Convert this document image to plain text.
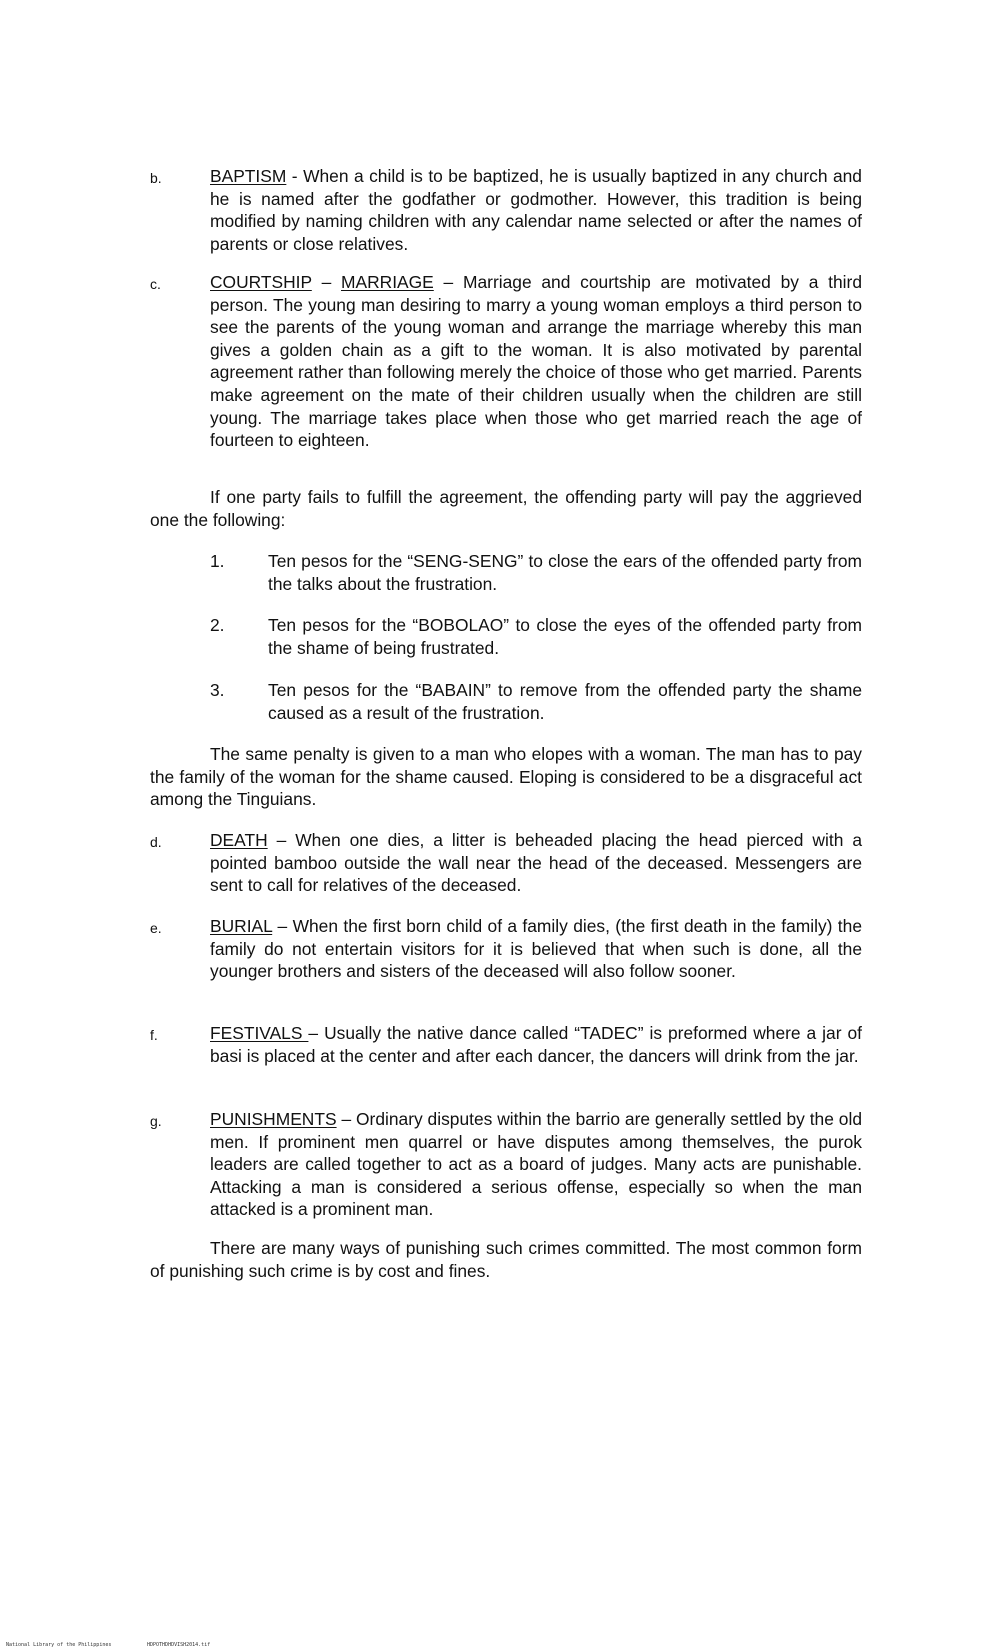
b.	BAPTISM - When a child is to be baptized, he is usually baptized in any church and he is named after the godfather or godmother. However, this tradition is being modified by naming children with any calendar name selected or after the names of parents or close relatives.

c.	COURTSHIP – MARRIAGE – Marriage and courtship are motivated by a third person. The young man desiring to marry a young woman employs a third person to see the parents of the young woman and arrange the marriage whereby this man gives a golden chain as a gift to the woman. It is also motivated by parental agreement rather than following merely the choice of those who get married. Parents make agreement on the mate of their children usually when the children are still young. The marriage takes place when those who get married reach the age of fourteen to eighteen.

If one party fails to fulfill the agreement, the offending party will pay the aggrieved one the following:

1. Ten pesos for the “SENG-SENG” to close the ears of the offended party from the talks about the frustration.

2. Ten pesos for the “BOBOLAO” to close the eyes of the offended party from the shame of being frustrated.

3. Ten pesos for the “BABAIN” to remove from the offended party the shame caused as a result of the frustration.

The same penalty is given to a man who elopes with a woman. The man has to pay the family of the woman for the shame caused. Eloping is considered to be a disgraceful act among the Tinguians.

d.	DEATH – When one dies, a litter is beheaded placing the head pierced with a pointed bamboo outside the wall near the head of the deceased. Messengers are sent to call for relatives of the deceased.

e.	BURIAL – When the first born child of a family dies, (the first death in the family) the family do not entertain visitors for it is believed that when such is done, all the younger brothers and sisters of the deceased will also follow sooner.

f.	FESTIVALS – Usually the native dance called “TADEC” is preformed where a jar of basi is placed at the center and after each dancer, the dancers will drink from the jar.

g.	PUNISHMENTS – Ordinary disputes within the barrio are generally settled by the old men. If prominent men quarrel or have disputes among themselves, the purok leaders are called together to act as a board of judges. Many acts are punishable. Attacking a man is considered a serious offense, especially so when the man attacked is a prominent man.

There are many ways of punishing such crimes committed. The most common form of punishing such crime is by cost and fines.

National Library of the Philippines	HDPOTHDHDVISH2014.tif
